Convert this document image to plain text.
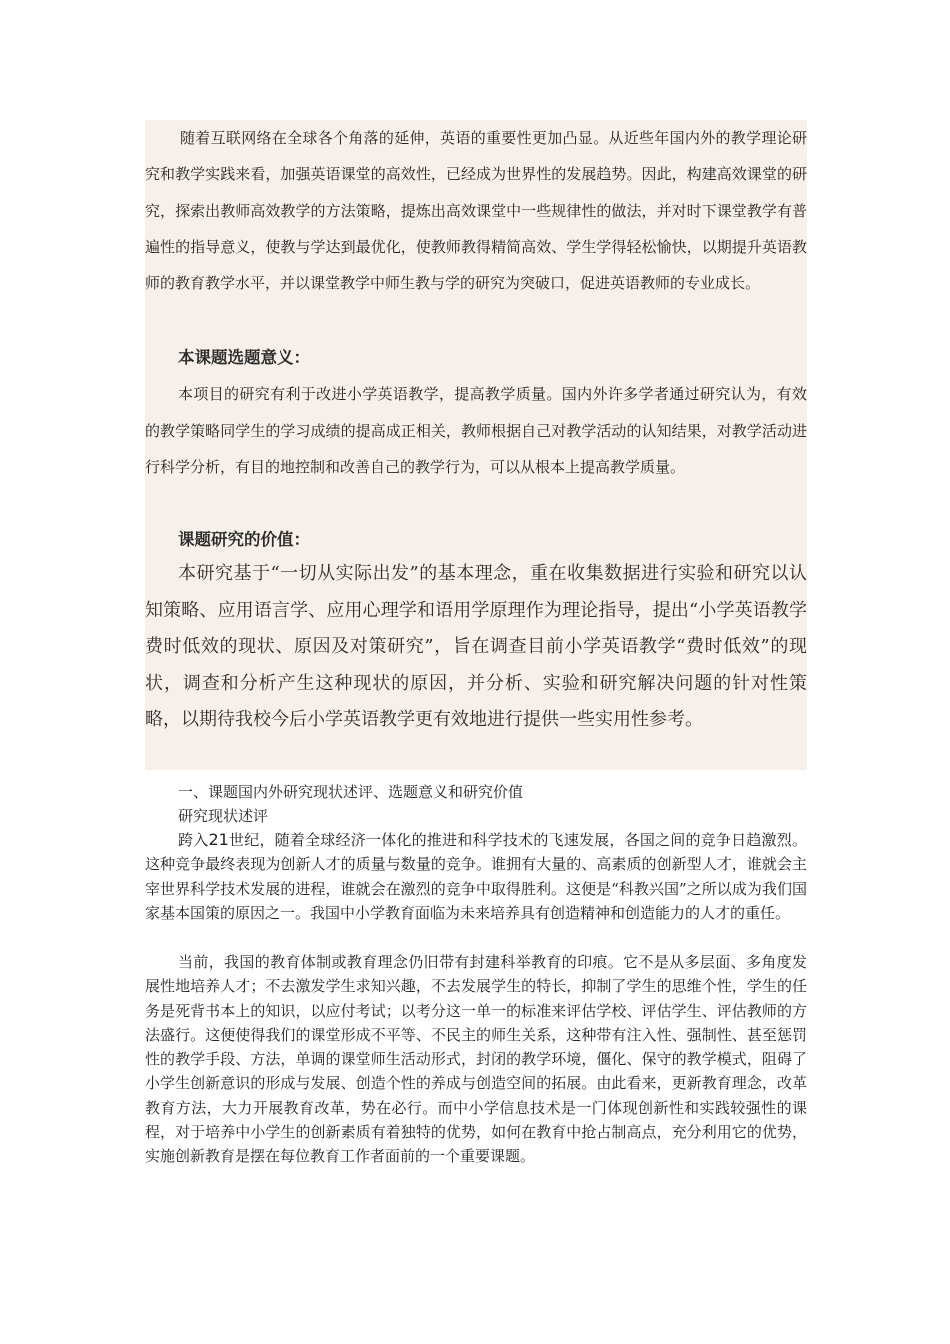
随着互联网络在全球各个角落的延伸，英语的重要性更加凸显。从近些年国内外的教学理论研究和教学实践来看，加强英语课堂的高效性，已经成为世界性的发展趋势。因此，构建高效课堂的研究，探索出教师高效教学的方法策略，提炼出高效课堂中一些规律性的做法，并对时下课堂教学有普遍性的指导意义，使教与学达到最优化，使教师教得精简高效、学生学得轻松愉快，以期提升英语教师的教育教学水平，并以课堂教学中师生教与学的研究为突破口，促进英语教师的专业成长。

本课题选题意义：

本项目的研究有利于改进小学英语教学，提高教学质量。国内外许多学者通过研究认为，有效的教学策略同学生的学习成绩的提高成正相关，教师根据自己对教学活动的认知结果，对教学活动进行科学分析，有目的地控制和改善自己的教学行为，可以从根本上提高教学质量。

课题研究的价值：

本研究基于“一切从实际出发”的基本理念，重在收集数据进行实验和研究以认知策略、应用语言学、应用心理学和语用学原理作为理论指导，提出“小学英语教学费时低效的现状、原因及对策研究”，旨在调查目前小学英语教学“费时低效”的现状，调查和分析产生这种现状的原因，并分析、实验和研究解决问题的针对性策略，以期待我校今后小学英语教学更有效地进行提供一些实用性参考。

一、课题国内外研究现状述评、选题意义和研究价值
研究现状述评

跨入21世纪，随着全球经济一体化的推进和科学技术的飞速发展，各国之间的竞争日趋激烈。这种竞争最终表现为创新人才的质量与数量的竞争。谁拥有大量的、高素质的创新型人才，谁就会主宰世界科学技术发展的进程，谁就会在激烈的竞争中取得胜利。这便是“科教兴国”之所以成为我们国家基本国策的原因之一。我国中小学教育面临为未来培养具有创造精神和创造能力的人才的重任。

当前，我国的教育体制或教育理念仍旧带有封建科举教育的印痕。它不是从多层面、多角度发展性地培养人才；不去激发学生求知兴趣，不去发展学生的特长，抑制了学生的思维个性，学生的任务是死背书本上的知识，以应付考试；以考分这一单一的标准来评估学校、评估学生、评估教师的方法盛行。这便使得我们的课堂形成不平等、不民主的师生关系，这种带有注入性、强制性、甚至惩罚性的教学手段、方法，单调的课堂师生活动形式，封闭的教学环境，僵化、保守的教学模式，阻碍了小学生创新意识的形成与发展、创造个性的养成与创造空间的拓展。由此看来，更新教育理念，改革教育方法，大力开展教育改革，势在必行。而中小学信息技术是一门体现创新性和实践较强性的课程，对于培养中小学生的创新素质有着独特的优势，如何在教育中抢占制高点，充分利用它的优势，实施创新教育是摆在每位教育工作者面前的一个重要课题。
